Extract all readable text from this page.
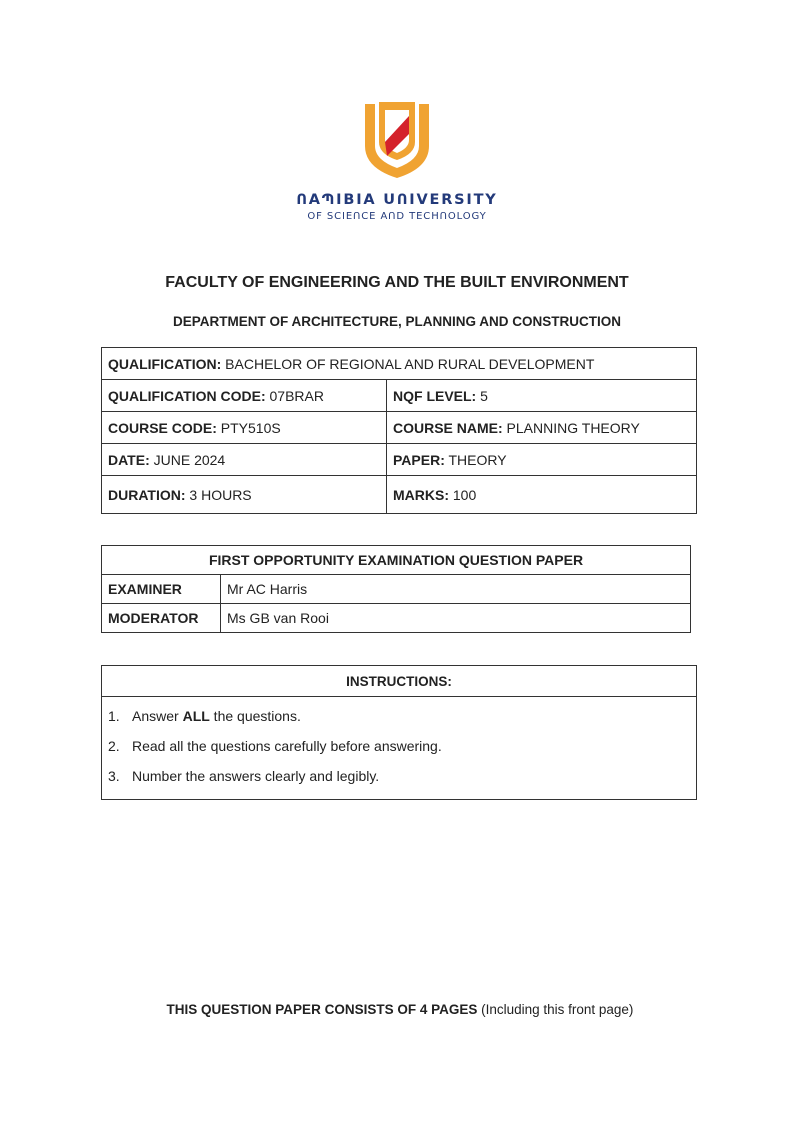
ՈAՊIBIA UՈIVERSITY
OF SCIEՈCE AՈD TECHՈOLOGY
FACULTY OF ENGINEERING AND THE BUILT ENVIRONMENT
DEPARTMENT OF ARCHITECTURE, PLANNING AND CONSTRUCTION
QUALIFICATION: BACHELOR OF REGIONAL AND RURAL DEVELOPMENT	
QUALIFICATION CODE: 07BRAR	NQF LEVEL: 5
COURSE CODE: PTY510S	COURSE NAME: PLANNING THEORY
DATE: JUNE 2024	PAPER: THEORY
DURATION: 3 HOURS	MARKS: 100
FIRST OPPORTUNITY EXAMINATION QUESTION PAPER	
EXAMINER	Mr AC Harris
MODERATOR	Ms GB van Rooi
INSTRUCTIONS:

1. Answer ALL the questions.
2. Read all the questions carefully before answering.
3. Number the answers clearly and legibly.
THIS QUESTION PAPER CONSISTS OF 4 PAGES (Including this front page)
